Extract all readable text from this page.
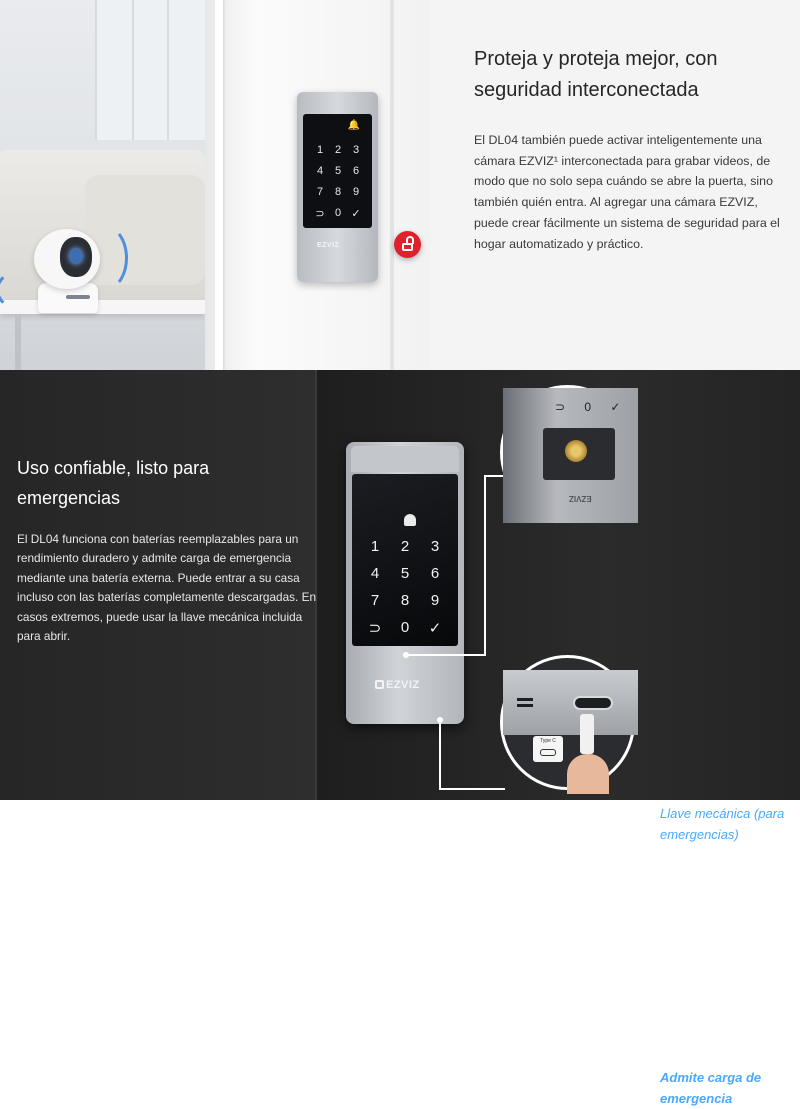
🔔
1	2	3
4	5	6
7	8	9
⊃ 0 ✓
EZVIZ
Proteja y proteja mejor, con seguridad interconectada
El DL04 también puede activar inteligentemente una cámara EZVIZ¹ interconectada para grabar videos, de modo que no solo sepa cuándo se abre la puerta, sino también quién entra. Al agregar una cámara EZVIZ, puede crear fácilmente un sistema de seguridad para el hogar automatizado y práctico.
Uso confiable, listo para emergencias
El DL04 funciona con baterías reemplazables para un rendimiento duradero y admite carga de emergencia mediante una batería externa. Puede entrar a su casa incluso con las baterías completamente descargadas. En casos extremos, puede usar la llave mecánica incluida para abrir.
1	2	3
4	5	6
7	8	9
⊃	0	✓
EZVIZ
Llave mecánica (para emergencias)
Admite carga de emergencia
⊃ 0 ✓
EZVIZ
Type C
